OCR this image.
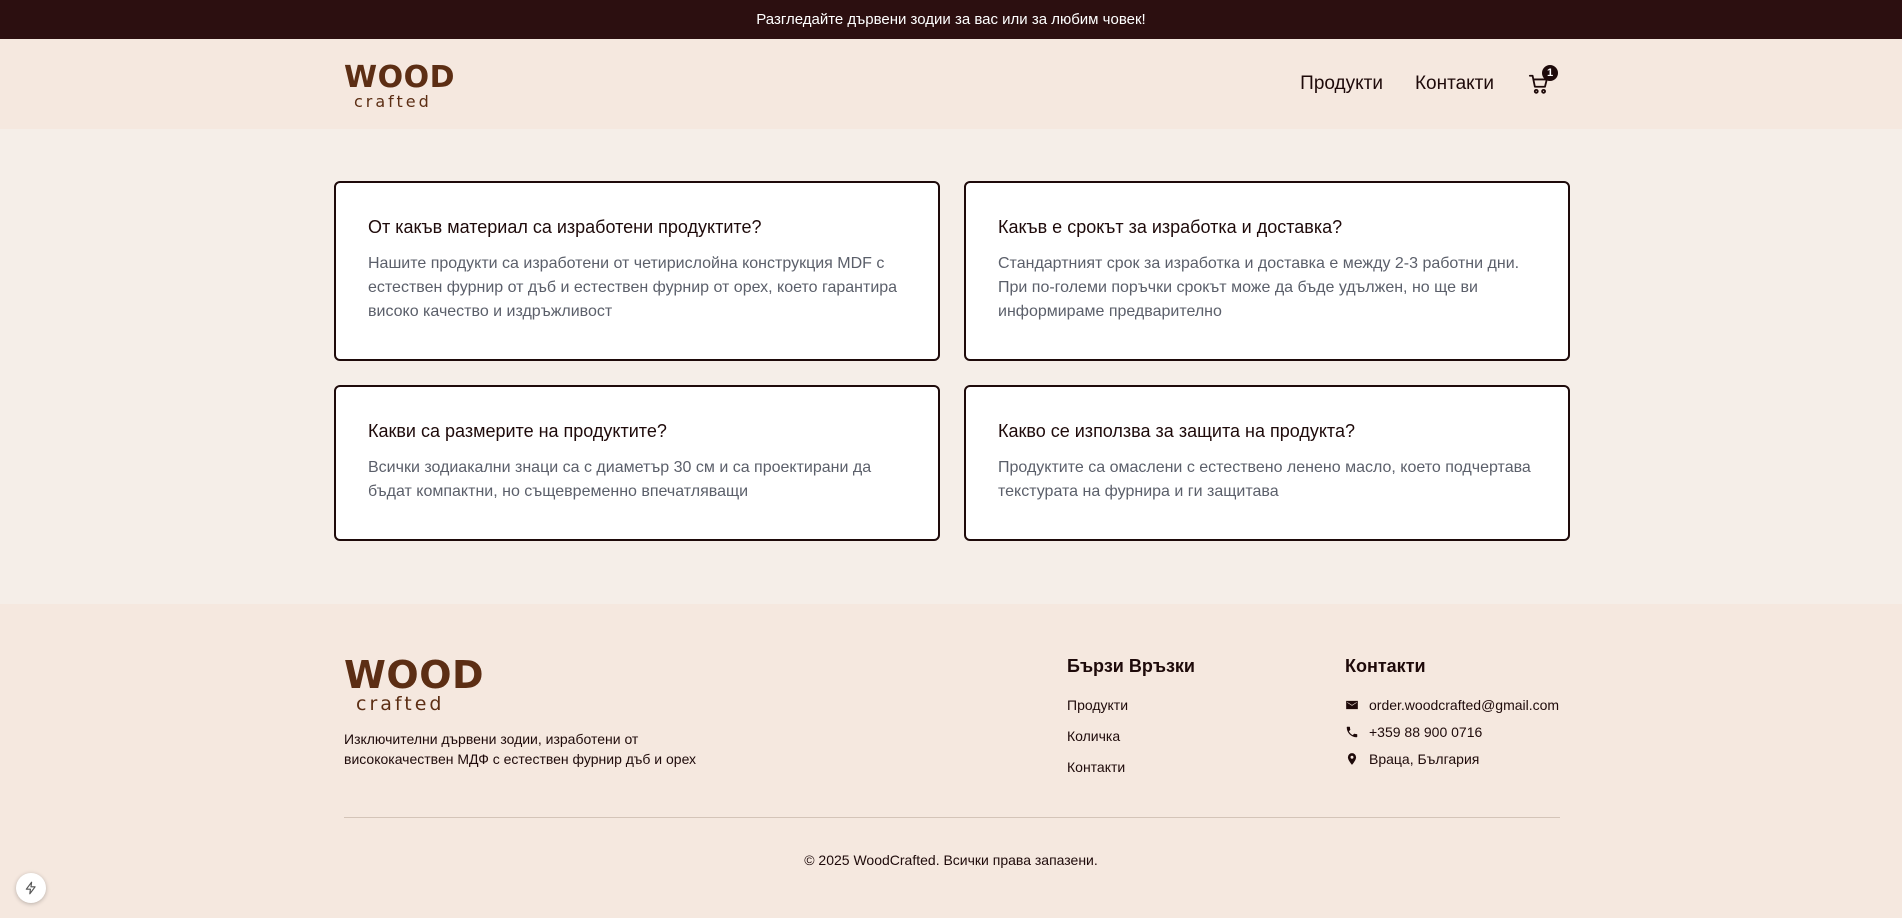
Разгледайте дървени зодии за вас или за любим човек!
WOOD
crafted
Продукти Контакти	1
От какъв материал са изработени продуктите?

Нашите продукти са изработени от четирислойна конструкция MDF с естествен фурнир от дъб и естествен фурнир от орех, което гарантира високо качество и издръжливост

Какъв е срокът за изработка и доставка?

Стандартният срок за изработка и доставка е между 2-3 работни дни. При по-големи поръчки срокът може да бъде удължен, но ще ви информираме предварително

Какви са размерите на продуктите?

Всички зодиакални знаци са с диаметър 30 см и са проектирани да бъдат компактни, но същевременно впечатляващи

Какво се използва за защита на продукта?

Продуктите са омаслени с естествено ленено масло, което подчертава текстурата на фурнира и ги защитава

WOOD
crafted
Изключителни дървени зодии, изработени от висококачествен МДФ с естествен фурнир дъб и орех
Бързи Връзки
Продукти
Количка
Контакти
Контакти
order.woodcrafted@gmail.com
+359 88 900 0716
Враца, България
© 2025 WoodCrafted. Всички права запазени.
